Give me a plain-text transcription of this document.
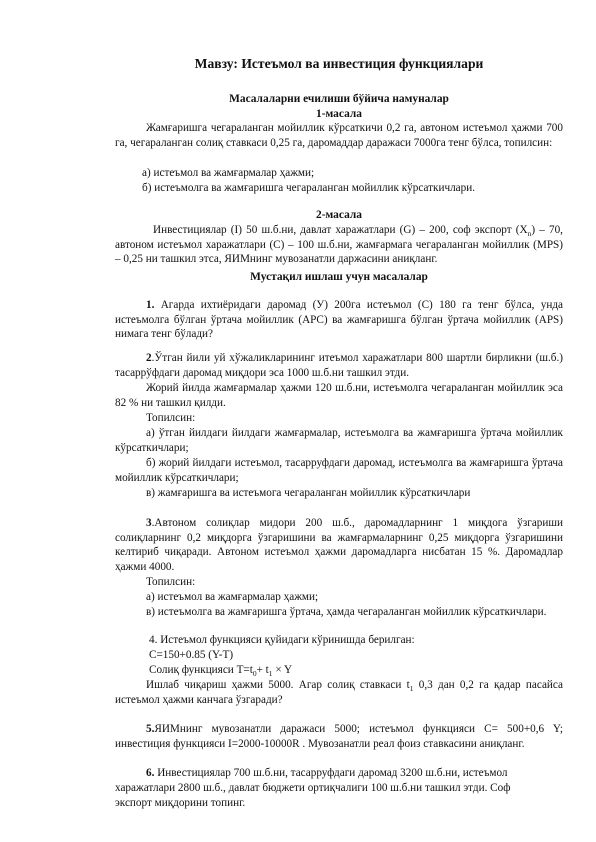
Мавзу: Истеъмол ва инвестиция функциялари
Масалаларни ечилиши бўйича намуналар
1-масала
Жамғаришга чегараланган мойиллик кўрсаткичи 0,2 га, автоном истеъмол ҳажми 700 га, чегараланган солиқ ставкаси 0,25 га, даромаддар даражаси 7000га тенг бўлса, топилсин:
а) истеъмол ва жамғармалар ҳажми;
б) истеъмолга ва жамғаришга чегараланган мойиллик кўрсаткичлари.
2-масала
Инвестициялар (I) 50 ш.б.ни, давлат харажатлари (G) – 200, соф экспорт $(X_n) - 70$, автоном истеъмол харажатлари (C) – 100 ш.б.ни, жамғармага чегараланган мойиллик (MPS) – 0,25 ни ташкил этса, ЯИМнинг мувозанатли даржасини аниқланг.
Мустақил ишлаш учун масалалар
1. Агарда ихтиёридаги даромад (У) 200га истеъмол (С) 180 га тенг бўлса, унда истеъмолга бўлган ўртача мойиллик (APC) ва жамғаришга бўлган ўртача мойиллик (APS) нимага тенг бўлади?
2.Ўтган йили уй хўжаликларининг итеъмол харажатлари 800 шартли бирликни (ш.б.) тасаррўфдаги даромад миқдори эса 1000 ш.б.ни ташкил этди.
Жорий йилда жамғармалар ҳажми 120 ш.б.ни, истеъмолга чегараланган мойиллик эса 82 % ни ташкил қилди.
Топилсин:
а) ўтган йилдаги йилдаги жамғармалар, истеъмолга ва жамғаришга ўртача мойиллик кўрсаткичлари;
б) жорий йилдаги истеъмол, тасарруфдаги даромад, истеъмолга ва жамғаришга ўртача мойиллик кўрсаткичлари;
в) жамғаришга ва истеъмога чегараланган мойиллик кўрсаткичлари
3.Автоном солиқлар мидори 200 ш.б., даромадларнинг 1 миқдога ўзгариши солиқларнинг 0,2 миқдорга ўзгаришини ва жамғармаларнинг 0,25 миқдорга ўзгаришини келтириб чиқаради. Автоном истеъмол ҳажми даромадларга нисбатан 15 %. Даромадлар ҳажми 4000.
Топилсин:
а) истеъмол ва жамғармалар ҳажми;
в) истеъмолга ва жамғаришга ўртача, ҳамда чегараланган мойиллик кўрсаткичлари.
4. Истеъмол функцияси қуйидаги кўринишда берилган:
C=150+0.85 (Y-T)
Солиқ функцияси $T=t_0+ t_1 \times Y$
Ишлаб чиқариш ҳажми 5000. Агар солиқ ставкаси $t_1$ 0,3 дан 0,2 га қадар пасайса истеъмол ҳажми канчага ўзгаради?
5.ЯИМнинг мувозанатли даражаси 5000; истеъмол функцияси C= 500+0,6 Y; инвестиция функцияси I=2000-10000R . Мувозанатли реал фоиз ставкасини аниқланг.
6. Инвестициялар 700 ш.б.ни, тасарруфдаги даромад 3200 ш.б.ни, истеъмол
харажатлари 2800 ш.б., давлат бюджети ортиқчалиги 100 ш.б.ни ташкил этди. Соф
экспорт миқдорини топинг.
